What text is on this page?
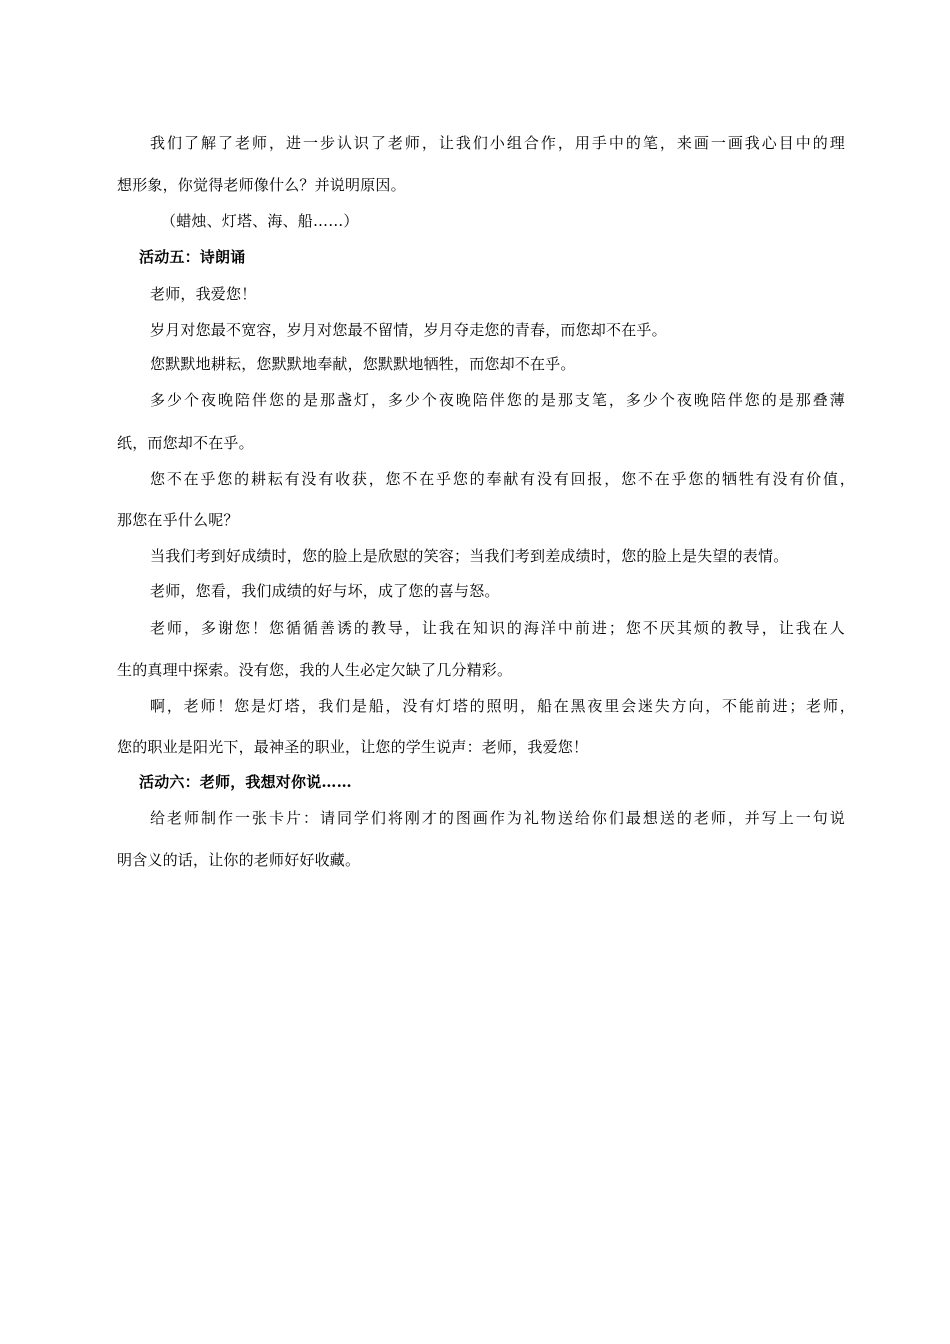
我们了解了老师，进一步认识了老师，让我们小组合作，用手中的笔，来画一画我心目中的理
想形象，你觉得老师像什么？并说明原因。
（蜡烛、灯塔、海、船……）
活动五：诗朗诵
老师，我爱您！
岁月对您最不宽容，岁月对您最不留情，岁月夺走您的青春，而您却不在乎。
您默默地耕耘，您默默地奉献，您默默地牺牲，而您却不在乎。
多少个夜晚陪伴您的是那盏灯，多少个夜晚陪伴您的是那支笔，多少个夜晚陪伴您的是那叠薄
纸，而您却不在乎。
您不在乎您的耕耘有没有收获，您不在乎您的奉献有没有回报，您不在乎您的牺牲有没有价值，
那您在乎什么呢？
当我们考到好成绩时，您的脸上是欣慰的笑容；当我们考到差成绩时，您的脸上是失望的表情。
老师，您看，我们成绩的好与坏，成了您的喜与怒。
老师，多谢您！您循循善诱的教导，让我在知识的海洋中前进；您不厌其烦的教导，让我在人
生的真理中探索。没有您，我的人生必定欠缺了几分精彩。
啊，老师！您是灯塔，我们是船，没有灯塔的照明，船在黑夜里会迷失方向，不能前进；老师，
您的职业是阳光下，最神圣的职业，让您的学生说声：老师，我爱您！
活动六：老师，我想对你说……
给老师制作一张卡片：请同学们将刚才的图画作为礼物送给你们最想送的老师，并写上一句说
明含义的话，让你的老师好好收藏。
